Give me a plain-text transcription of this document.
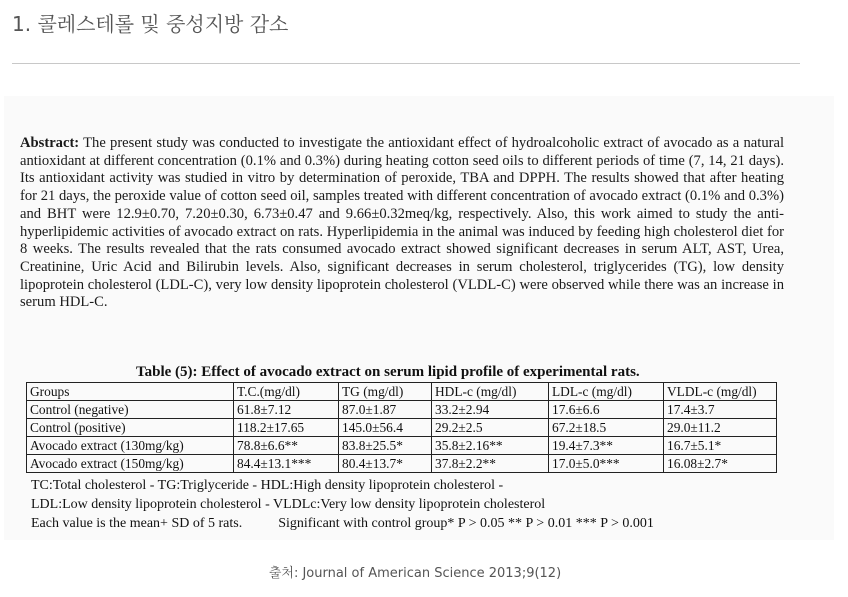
1. 콜레스테롤 및 중성지방 감소
Abstract: The present study was conducted to investigate the antioxidant effect of hydroalcoholic extract of avocado as a natural antioxidant at different concentration (0.1% and 0.3%) during heating cotton seed oils to different periods of time (7, 14, 21 days). Its antioxidant activity was studied in vitro by determination of peroxide, TBA and DPPH. The results showed that after heating for 21 days, the peroxide value of cotton seed oil, samples treated with different concentration of avocado extract (0.1% and 0.3%) and BHT were 12.9±0.70, 7.20±0.30, 6.73±0.47 and 9.66±0.32meq/kg, respectively. Also, this work aimed to study the anti-hyperlipidemic activities of avocado extract on rats. Hyperlipidemia in the animal was induced by feeding high cholesterol diet for 8 weeks. The results revealed that the rats consumed avocado extract showed significant decreases in serum ALT, AST, Urea, Creatinine, Uric Acid and Bilirubin levels. Also, significant decreases in serum cholesterol, triglycerides (TG), low density lipoprotein cholesterol (LDL-C), very low density lipoprotein cholesterol (VLDL-C) were observed while there was an increase in serum HDL-C.
Table (5): Effect of avocado extract on serum lipid profile of experimental rats.
Groups	T.C.(mg/dl)	TG (mg/dl)	HDL-c (mg/dl)	LDL-c (mg/dl)	VLDL-c (mg/dl)
Control (negative)	61.8±7.12	87.0±1.87	33.2±2.94	17.6±6.6	17.4±3.7
Control (positive)	118.2±17.65	145.0±56.4	29.2±2.5	67.2±18.5	29.0±11.2
Avocado extract (130mg/kg)	78.8±6.6**	83.8±25.5*	35.8±2.16**	19.4±7.3**	16.7±5.1*
Avocado extract (150mg/kg)	84.4±13.1***	80.4±13.7*	37.8±2.2**	17.0±5.0***	16.08±2.7*
TC:Total cholesterol - TG:Triglyceride - HDL:High density lipoprotein cholesterol -
LDL:Low density lipoprotein cholesterol - VLDLc:Very low density lipoprotein cholesterol
Each value is the mean+ SD of 5 rats.	Significant with control group* P > 0.05 ** P > 0.01 *** P > 0.001
출처: Journal of American Science 2013;9(12)
